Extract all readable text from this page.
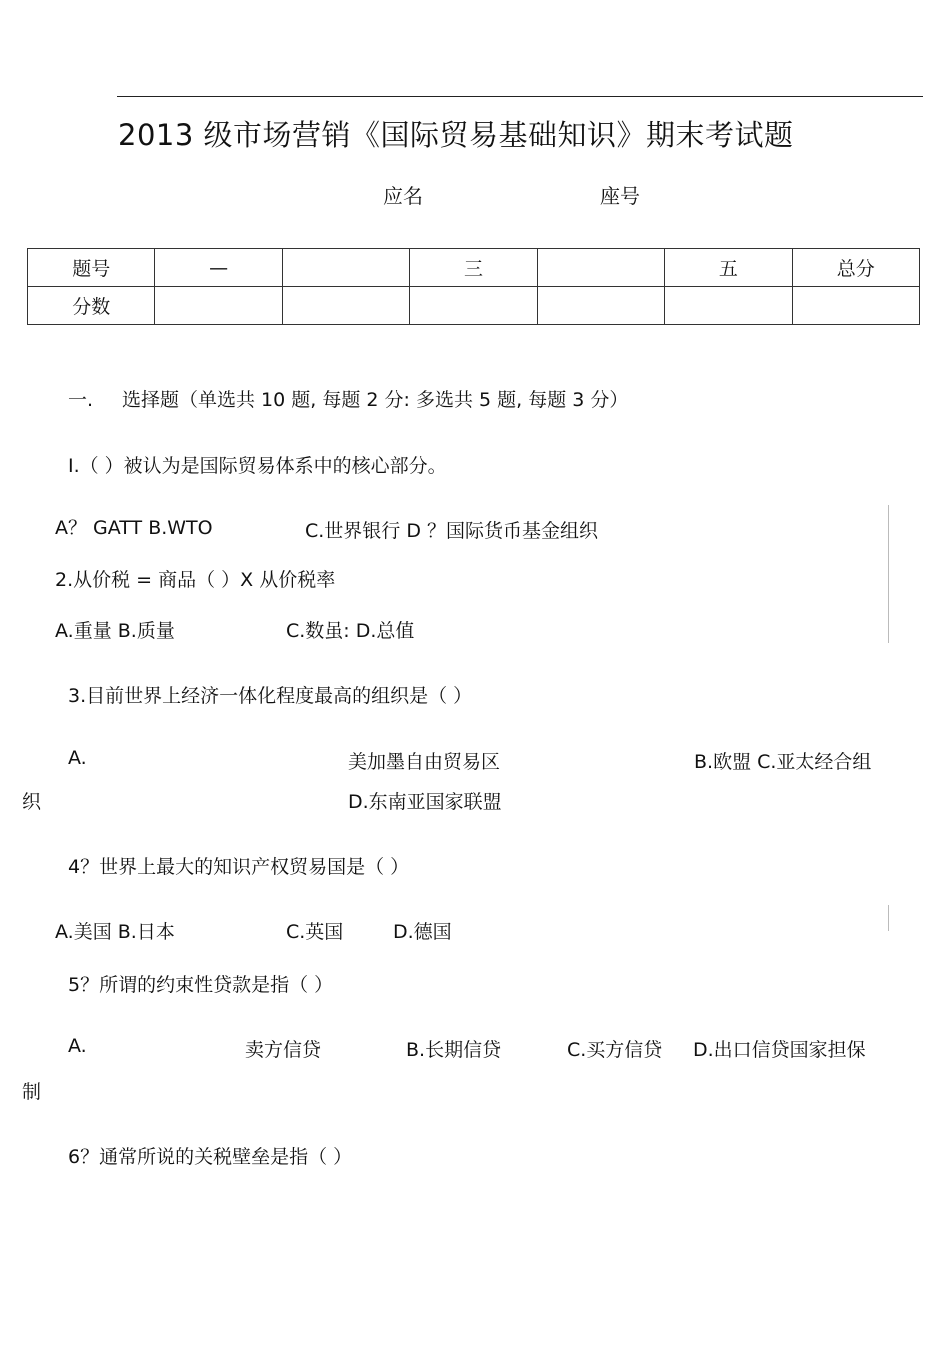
2013 级市场营销《国际贸易基础知识》期末考试题
应名	座号
题号	—		三		五	总分
分数						
一. 选择题（单选共 10 题, 每题 2 分: 多选共 5 题, 每题 3 分）
I.（ ）被认为是国际贸易体系中的核心部分。
A？ GATT B.WTO	C.世界银行 D ？国际货币基金组织
2.从价税 = 商品（ ）X 从价税率
A.重量 B.质量	C.数虽: D.总值
3.目前世界上经济一体化程度最高的组织是（ ）
A.	美加墨自由贸易区	B.欧盟 C.亚太经合组
织	D.东南亚国家联盟
4？世界上最大的知识产权贸易国是（ ）
A.美国 B.日本	C.英国	D.德国
5？所谓的约束性贷款是指（ ）
A.	卖方信贷	B.长期信贷	C.买方信贷 D.出口信贷国家担保
制
6？通常所说的关税壁垒是指（ ）
